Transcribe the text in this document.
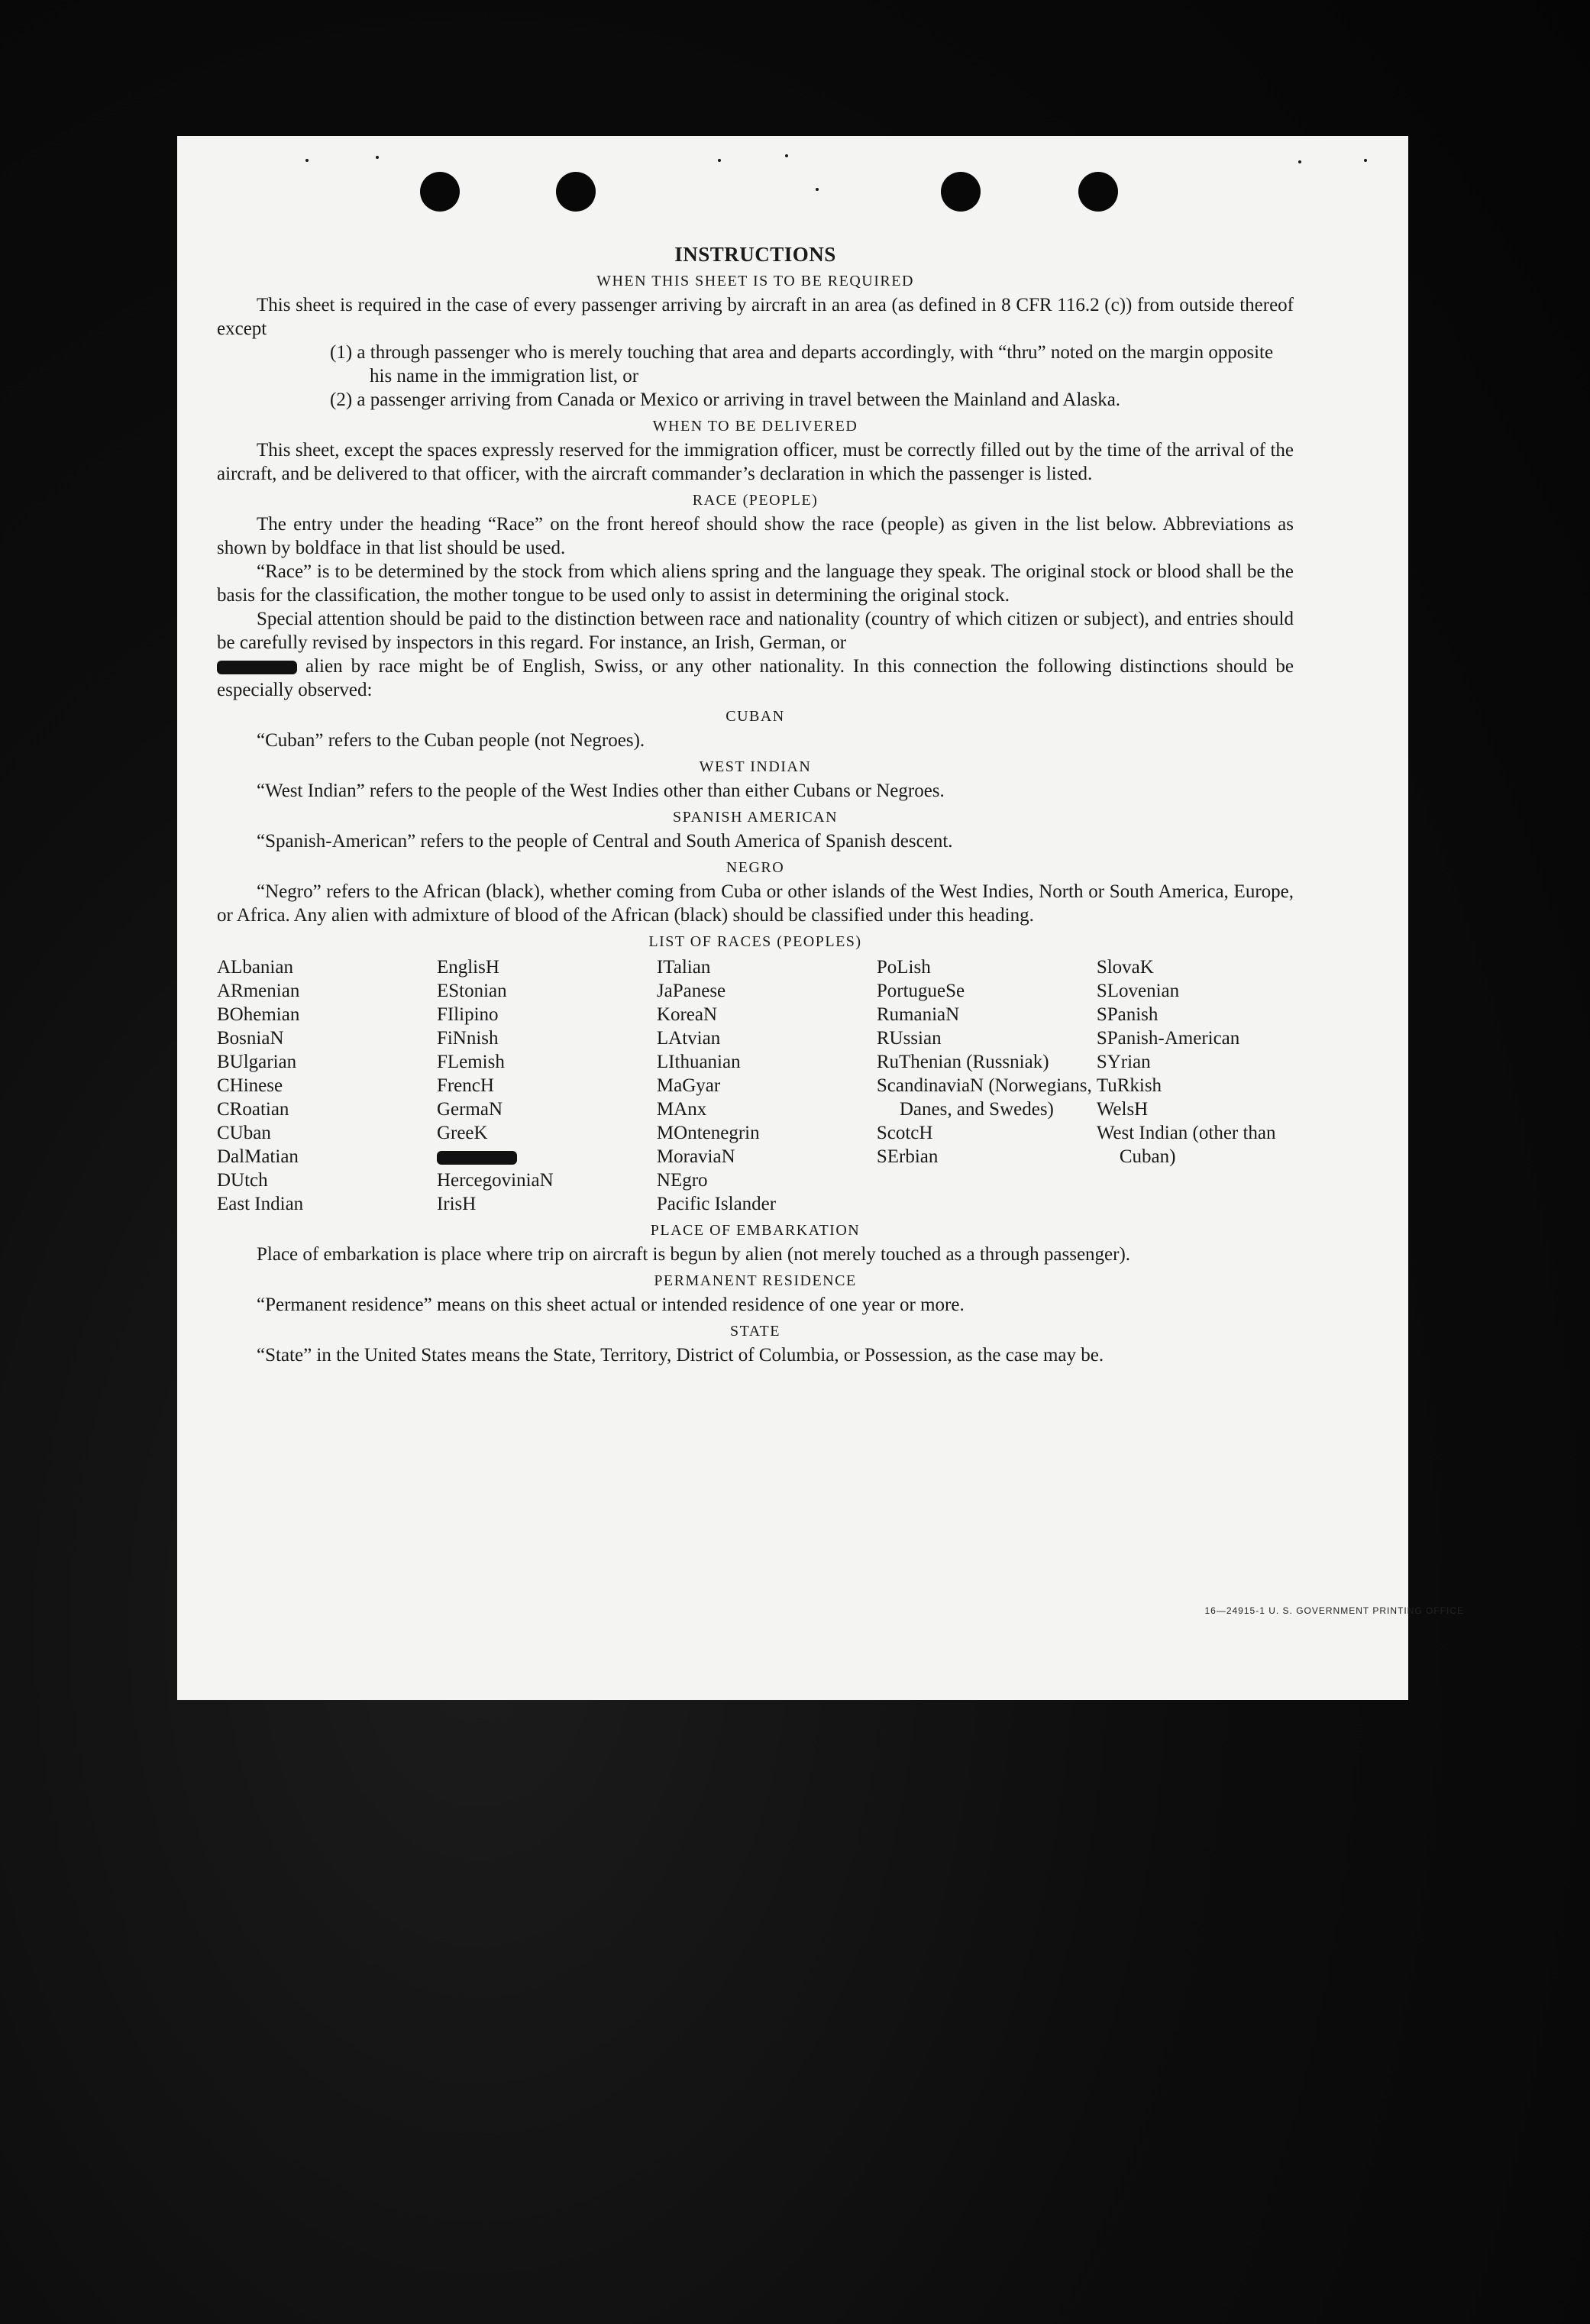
INSTRUCTIONS
WHEN THIS SHEET IS TO BE REQUIRED

This sheet is required in the case of every passenger arriving by aircraft in an area (as defined in 8 CFR 116.2 (c)) from outside thereof except

(1) a through passenger who is merely touching that area and departs accordingly, with “thru” noted on the margin opposite his name in the immigration list, or
(2) a passenger arriving from Canada or Mexico or arriving in travel between the Mainland and Alaska.
WHEN TO BE DELIVERED

This sheet, except the spaces expressly reserved for the immigration officer, must be correctly filled out by the time of the arrival of the aircraft, and be delivered to that officer, with the aircraft commander’s declaration in which the passenger is listed.

RACE (PEOPLE)

The entry under the heading “Race” on the front hereof should show the race (people) as given in the list below. Abbreviations as shown by boldface in that list should be used.

“Race” is to be determined by the stock from which aliens spring and the language they speak. The original stock or blood shall be the basis for the classification, the mother tongue to be used only to assist in determining the original stock.

Special attention should be paid to the distinction between race and nationality (country of which citizen or subject), and entries should be carefully revised by inspectors in this regard. For instance, an Irish, German, or

alien by race might be of English, Swiss, or any other nationality. In this connection the following distinctions should be especially observed:

CUBAN

“Cuban” refers to the Cuban people (not Negroes).

WEST INDIAN

“West Indian” refers to the people of the West Indies other than either Cubans or Negroes.

SPANISH AMERICAN

“Spanish-American” refers to the people of Central and South America of Spanish descent.

NEGRO

“Negro” refers to the African (black), whether coming from Cuba or other islands of the West Indies, North or South America, Europe, or Africa. Any alien with admixture of blood of the African (black) should be classified under this heading.

LIST OF RACES (PEOPLES)
ALbanian
ARmenian
BOhemian
BosniaN
BUlgarian
CHinese
CRoatian
CUban
DalMatian
DUtch
East Indian
EnglisH
EStonian
FIlipino
FiNnish
FLemish
FrencH
GermaN
GreeK
HercegoviniaN
IrisH
ITalian
JaPanese
KoreaN
LAtvian
LIthuanian
MaGyar
MAnx
MOntenegrin
MoraviaN
NEgro
Pacific Islander
PoLish
PortugueSe
RumaniaN
RUssian
RuThenian (Russniak)
ScandinaviaN (Norwegians, Danes, and Swedes)
ScotcH
SErbian
SlovaK
SLovenian
SPanish
SPanish-American
SYrian
TuRkish
WelsH
West Indian (other than Cuban)
PLACE OF EMBARKATION

Place of embarkation is place where trip on aircraft is begun by alien (not merely touched as a through passenger).

PERMANENT RESIDENCE

“Permanent residence” means on this sheet actual or intended residence of one year or more.

STATE

“State” in the United States means the State, Territory, District of Columbia, or Possession, as the case may be.

16—24915-1 U. S. GOVERNMENT PRINTING OFFICE
